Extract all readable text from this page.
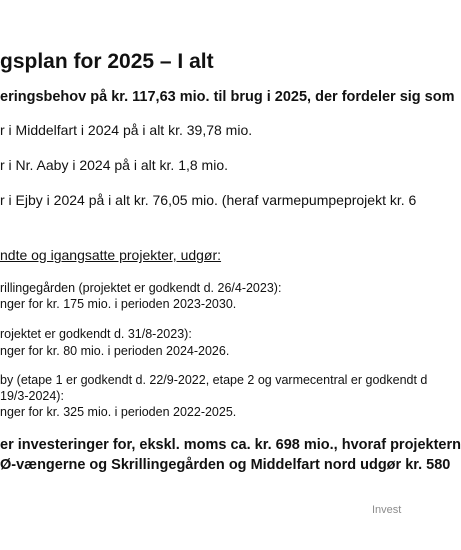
gsplan for 2025 – I alt
eringsbehov på kr. 117,63 mio. til brug i 2025, der fordeler sig som
r i Middelfart i 2024 på i alt kr. 39,78 mio.
r i Nr. Aaby i 2024 på i alt kr. 1,8 mio.
r i Ejby i 2024 på i alt kr. 76,05 mio. (heraf varmepumpeprojekt kr. 6
ndte og igangsatte projekter, udgør:
rillingegården (projektet er godkendt d. 26/4-2023):
nger for kr. 175 mio. i perioden 2023-2030.
rojektet er godkendt d. 31/8-2023):
nger for kr. 80 mio. i perioden 2024-2026.
by (etape 1 er godkendt d. 22/9-2022, etape 2 og varmecentral er godkendt d
19/3-2024):
nger for kr. 325 mio. i perioden 2022-2025.
er investeringer for, ekskl. moms ca. kr. 698 mio., hvoraf projektern
Ø-vængerne og Skrillingegården og Middelfart nord udgør kr. 580
Invest
